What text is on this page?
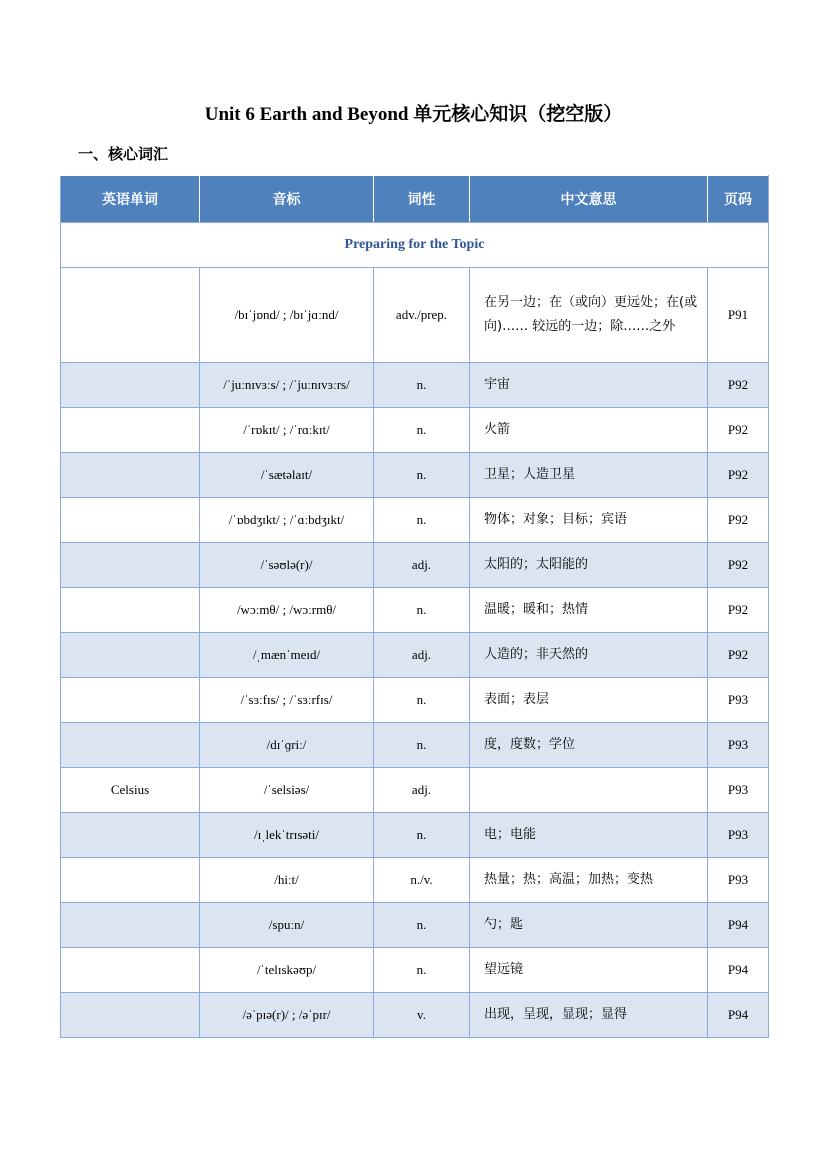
Unit 6 Earth and Beyond 单元核心知识（挖空版）
一、核心词汇
英语单词	音标	词性	中文意思	页码
Preparing for the Topic				
	/bɪˈjɒnd/ ; /bɪˈjɑːnd/	adv./prep.	在另一边；在（或向）更远处；在(或向)…… 较远的一边；除……之外	P91
	/ˈjuːnɪvɜːs/ ; /ˈjuːnɪvɜːrs/	n.	宇宙	P92
	/ˈrɒkɪt/ ; /ˈrɑːkɪt/	n.	火箭	P92
	/ˈsætəlaɪt/	n.	卫星；人造卫星	P92
	/ˈɒbdʒɪkt/ ; /ˈɑːbdʒɪkt/	n.	物体；对象；目标；宾语	P92
	/ˈsəʊlə(r)/	adj.	太阳的；太阳能的	P92
	/wɔːmθ/ ; /wɔːrmθ/	n.	温暖；暖和；热情	P92
	/ˌmænˈmeɪd/	adj.	人造的；非天然的	P92
	/ˈsɜːfɪs/ ; /ˈsɜːrfɪs/	n.	表面；表层	P93
	/dɪˈɡriː/	n.	度，度数；学位	P93
Celsius	/ˈselsiəs/	adj.		P93
	/ɪˌlekˈtrɪsəti/	n.	电；电能	P93
	/hiːt/	n./v.	热量；热；高温；加热；变热	P93
	/spuːn/	n.	勺；匙	P94
	/ˈtelɪskəʊp/	n.	望远镜	P94
	/əˈpɪə(r)/ ; /əˈpɪr/	v.	出现，呈现，显现；显得	P94
